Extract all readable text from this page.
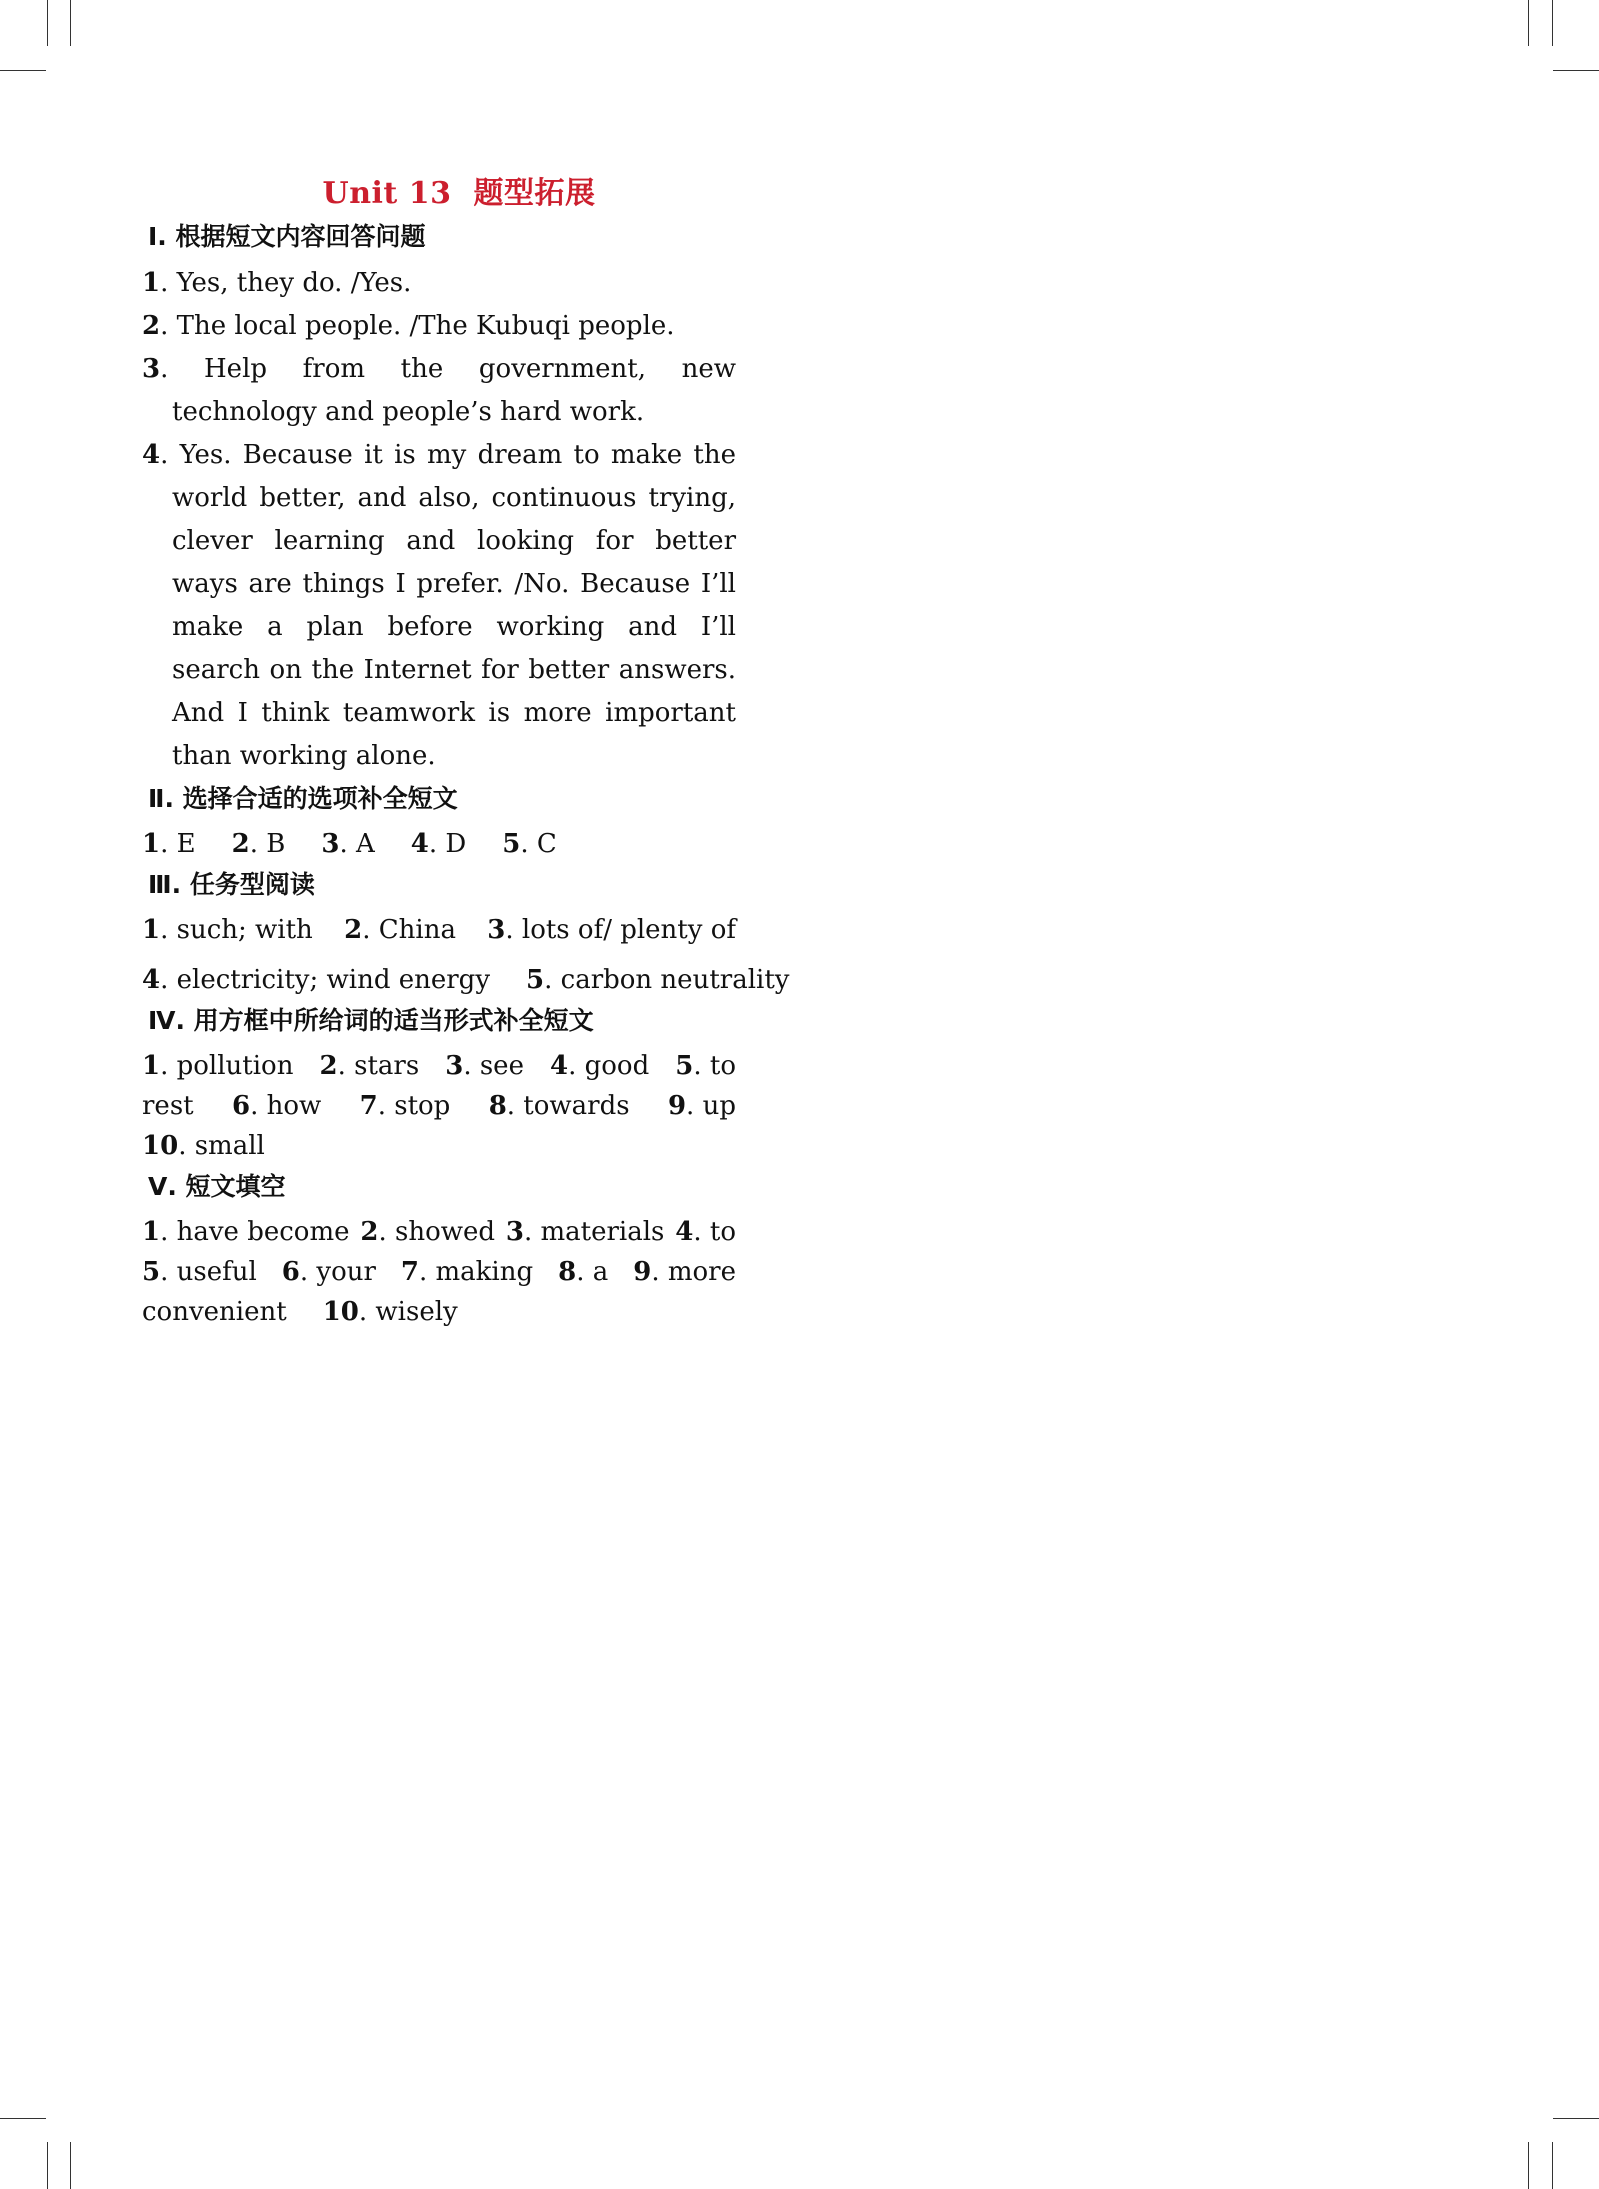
Unit 13 题型拓展
Ⅰ. 根据短文内容回答问题
1. Yes, they do. /Yes.
2. The local people. /The Kubuqi people.
3. Help from the government, new technology and people’s hard work.
4. Yes. Because it is my dream to make the world better, and also, continuous trying, clever learning and looking for better ways are things I prefer. /No. Because I’ll make a plan before working and I’ll search on the Internet for better answers. And I think teamwork is more important than working alone.
Ⅱ. 选择合适的选项补全短文
1. E 2. B 3. A 4. D 5. C
Ⅲ. 任务型阅读
1. such; with 2. China 3. lots of/ plenty of
4. electricity; wind energy 5. carbon neutrality
Ⅳ. 用方框中所给词的适当形式补全短文
1. pollution 2. stars 3. see 4. good 5. to
rest 6. how 7. stop 8. towards 9. up
10. small
Ⅴ. 短文填空
1. have become 2. showed 3. materials 4. to
5. useful 6. your 7. making 8. a 9. more
convenient 10. wisely
